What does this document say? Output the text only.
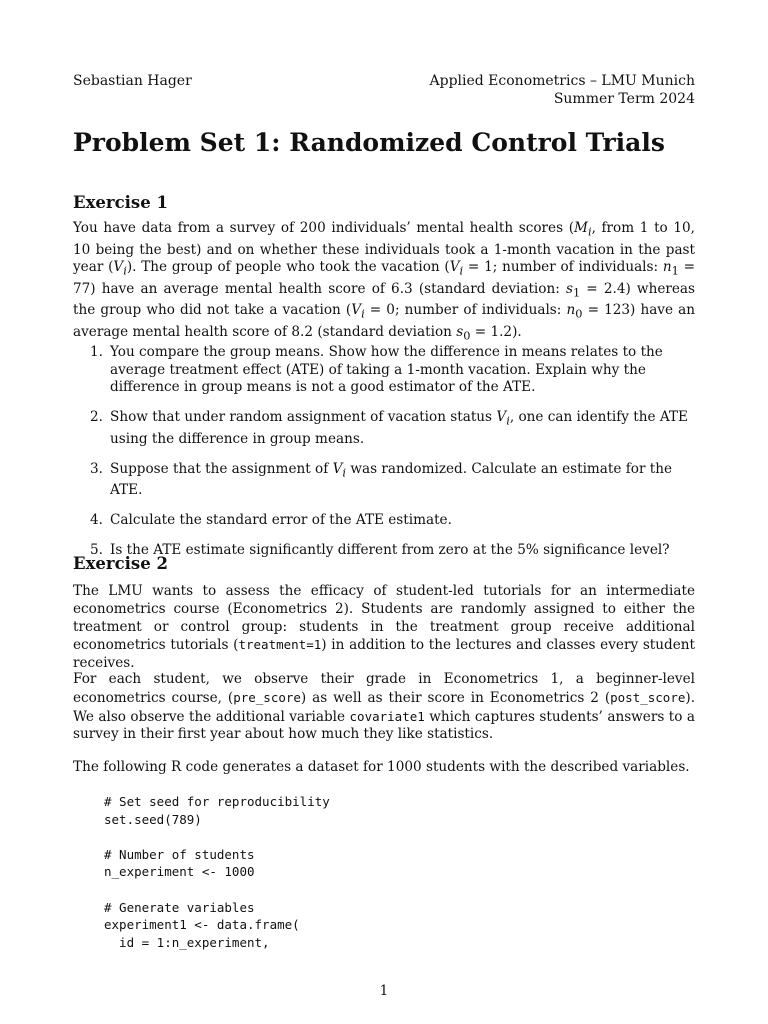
Sebastian Hager	Applied Econometrics – LMU Munich
Summer Term 2024
Problem Set 1: Randomized Control Trials
Exercise 1

You have data from a survey of 200 individuals’ mental health scores ($M_i$, from 1 to 10, 10 being the best) and on whether these individuals took a 1-month vacation in the past year $(V_i)$. The group of people who took the vacation ($V_i = 1$; number of individuals: $n_1 = 77$) have an average mental health score of 6.3 (standard deviation: $s_1 = 2.4$) whereas the group who did not take a vacation ($V_i = 0$; number of individuals: $n_0 = 123$) have an average mental health score of 8.2 (standard deviation $s_0 = 1.2$).

1. You compare the group means. Show how the difference in means relates to the average treatment effect (ATE) of taking a 1-month vacation. Explain why the difference in group means is not a good estimator of the ATE.
2. Show that under random assignment of vacation status $V_i$, one can identify the ATE using the difference in group means.
3. Suppose that the assignment of $V_i$ was randomized. Calculate an estimate for the ATE.
4. Calculate the standard error of the ATE estimate.
5. Is the ATE estimate significantly different from zero at the 5% significance level?
Exercise 2

The LMU wants to assess the efficacy of student-led tutorials for an intermediate econometrics course (Econometrics 2). Students are randomly assigned to either the treatment or control group: students in the treatment group receive additional econometrics tutorials (treatment=1) in addition to the lectures and classes every student receives.

For each student, we observe their grade in Econometrics 1, a beginner-level econometrics course, (pre_score) as well as their score in Econometrics 2 (post_score). We also observe the additional variable covariate1 which captures students’ answers to a survey in their first year about how much they like statistics.

The following R code generates a dataset for 1000 students with the described variables.

# Set seed for reproducibility
set.seed(789)

# Number of students
n_experiment <- 1000

# Generate variables
experiment1 <- data.frame(
id = 1:n_experiment,
1
